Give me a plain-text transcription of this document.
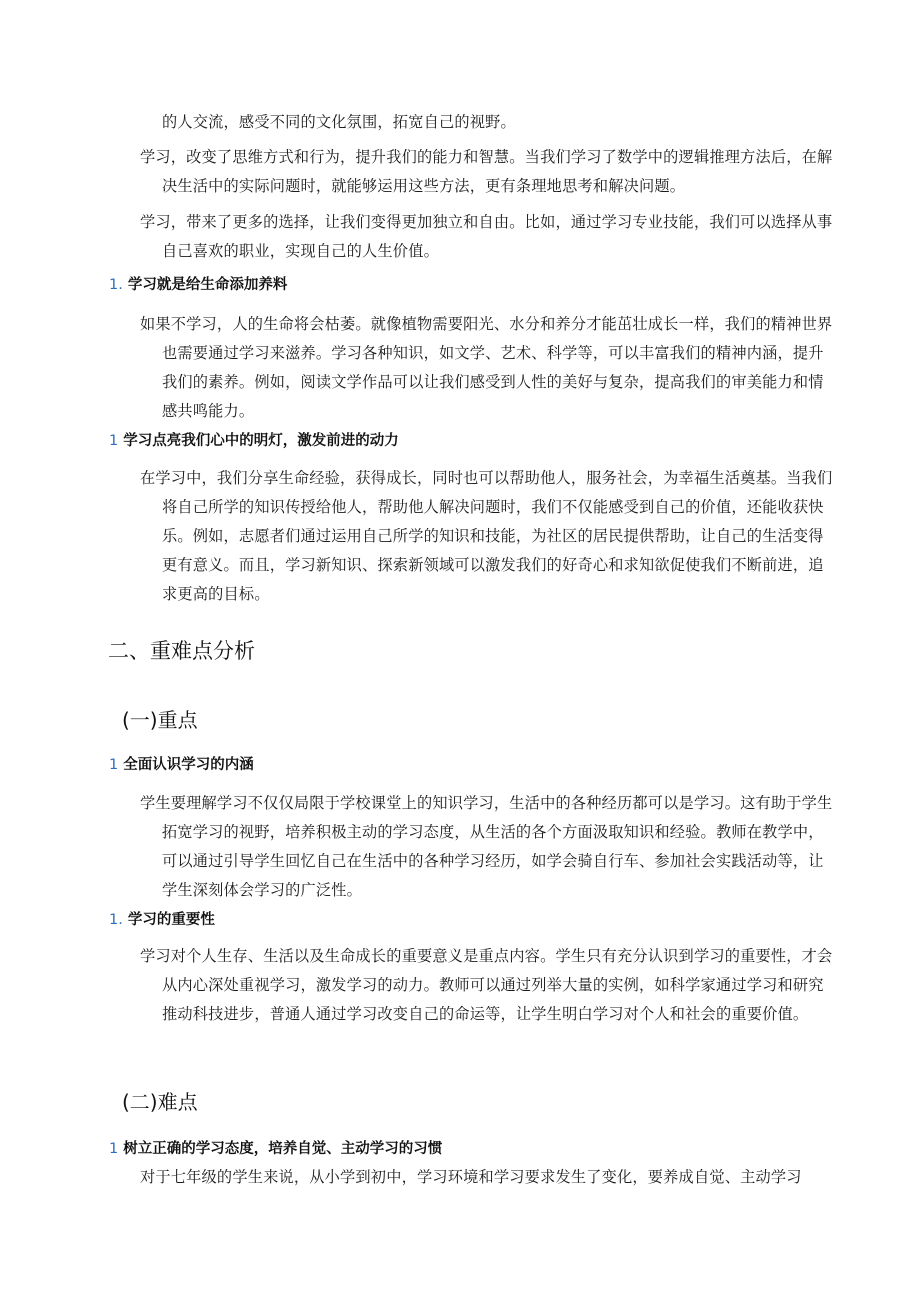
的人交流，感受不同的文化氛围，拓宽自己的视野。

学习，改变了思维方式和行为，提升我们的能力和智慧。当我们学习了数学中的逻辑推理方法后，在解决生活中的实际问题时，就能够运用这些方法，更有条理地思考和解决问题。

学习，带来了更多的选择，让我们变得更加独立和自由。比如，通过学习专业技能，我们可以选择从事自己喜欢的职业，实现自己的人生价值。

1. 学习就是给生命添加养料

如果不学习，人的生命将会枯萎。就像植物需要阳光、水分和养分才能茁壮成长一样，我们的精神世界也需要通过学习来滋养。学习各种知识，如文学、艺术、科学等，可以丰富我们的精神内涵，提升我们的素养。例如，阅读文学作品可以让我们感受到人性的美好与复杂，提高我们的审美能力和情感共鸣能力。

1 学习点亮我们心中的明灯，激发前进的动力

在学习中，我们分享生命经验，获得成长，同时也可以帮助他人，服务社会，为幸福生活奠基。当我们将自己所学的知识传授给他人，帮助他人解决问题时，我们不仅能感受到自己的价值，还能收获快乐。例如，志愿者们通过运用自己所学的知识和技能，为社区的居民提供帮助，让自己的生活变得更有意义。而且，学习新知识、探索新领域可以激发我们的好奇心和求知欲促使我们不断前进，追求更高的目标。

二、重难点分析
(一)重点
1 全面认识学习的内涵

学生要理解学习不仅仅局限于学校课堂上的知识学习，生活中的各种经历都可以是学习。这有助于学生拓宽学习的视野，培养积极主动的学习态度，从生活的各个方面汲取知识和经验。教师在教学中，可以通过引导学生回忆自己在生活中的各种学习经历，如学会骑自行车、参加社会实践活动等，让学生深刻体会学习的广泛性。

1. 学习的重要性

学习对个人生存、生活以及生命成长的重要意义是重点内容。学生只有充分认识到学习的重要性，才会从内心深处重视学习，激发学习的动力。教师可以通过列举大量的实例，如科学家通过学习和研究推动科技进步，普通人通过学习改变自己的命运等，让学生明白学习对个人和社会的重要价值。

(二)难点
1 树立正确的学习态度，培养自觉、主动学习的习惯

对于七年级的学生来说，从小学到初中，学习环境和学习要求发生了变化，要养成自觉、主动学习
